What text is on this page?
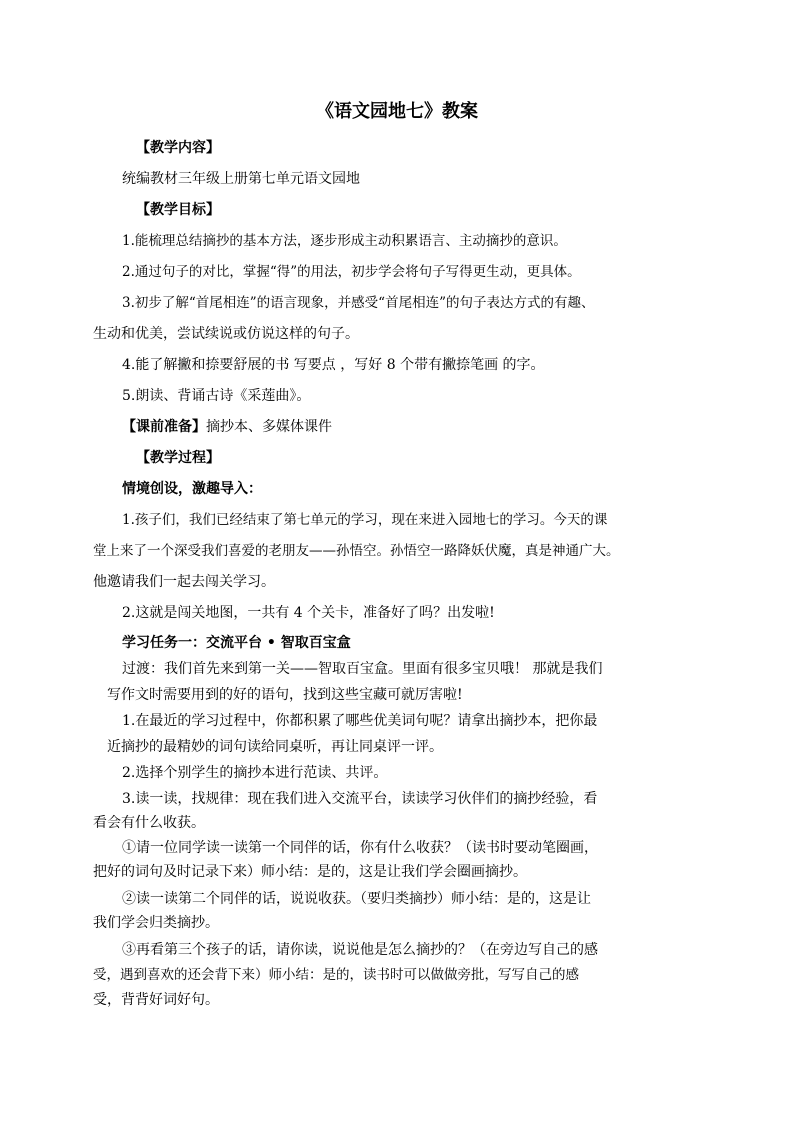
《语文园地七》教案
【教学内容】
统编教材三年级上册第七单元语文园地
【教学目标】
1.能梳理总结摘抄的基本方法，逐步形成主动积累语言、主动摘抄的意识。
2.通过句子的对比，掌握“得”的用法，初步学会将句子写得更生动，更具体。
3.初步了解“首尾相连”的语言现象，并感受“首尾相连”的句子表达方式的有趣、
生动和优美，尝试续说或仿说这样的句子。
4.能了解撇和捺要舒展的书 写要点 ，写好 8 个带有撇捺笔画 的字。
5.朗读、背诵古诗《采莲曲》。
【课前准备】摘抄本、多媒体课件
【教学过程】
情境创设，激趣导入：
1.孩子们，我们已经结束了第七单元的学习，现在来进入园地七的学习。今天的课
堂上来了一个深受我们喜爱的老朋友——孙悟空。孙悟空一路降妖伏魔，真是神通广大。
他邀请我们一起去闯关学习。
2.这就是闯关地图，一共有 4 个关卡，准备好了吗？出发啦!
学习任务一：交流平台 • 智取百宝盒
过渡：我们首先来到第一关——智取百宝盒。里面有很多宝贝哦！ 那就是我们
写作文时需要用到的好的语句，找到这些宝藏可就厉害啦!
1.在最近的学习过程中，你都积累了哪些优美词句呢？请拿出摘抄本，把你最
近摘抄的最精妙的词句读给同桌听，再让同桌评一评。
2.选择个别学生的摘抄本进行范读、共评。
3.读一读，找规律：现在我们进入交流平台，读读学习伙伴们的摘抄经验，看
看会有什么收获。
①请一位同学读一读第一个同伴的话，你有什么收获？（读书时要动笔圈画，
把好的词句及时记录下来）师小结：是的，这是让我们学会圈画摘抄。
②读一读第二个同伴的话，说说收获。（要归类摘抄）师小结：是的，这是让
我们学会归类摘抄。
③再看第三个孩子的话，请你读，说说他是怎么摘抄的？（在旁边写自己的感
受，遇到喜欢的还会背下来）师小结：是的，读书时可以做做旁批，写写自己的感
受，背背好词好句。
